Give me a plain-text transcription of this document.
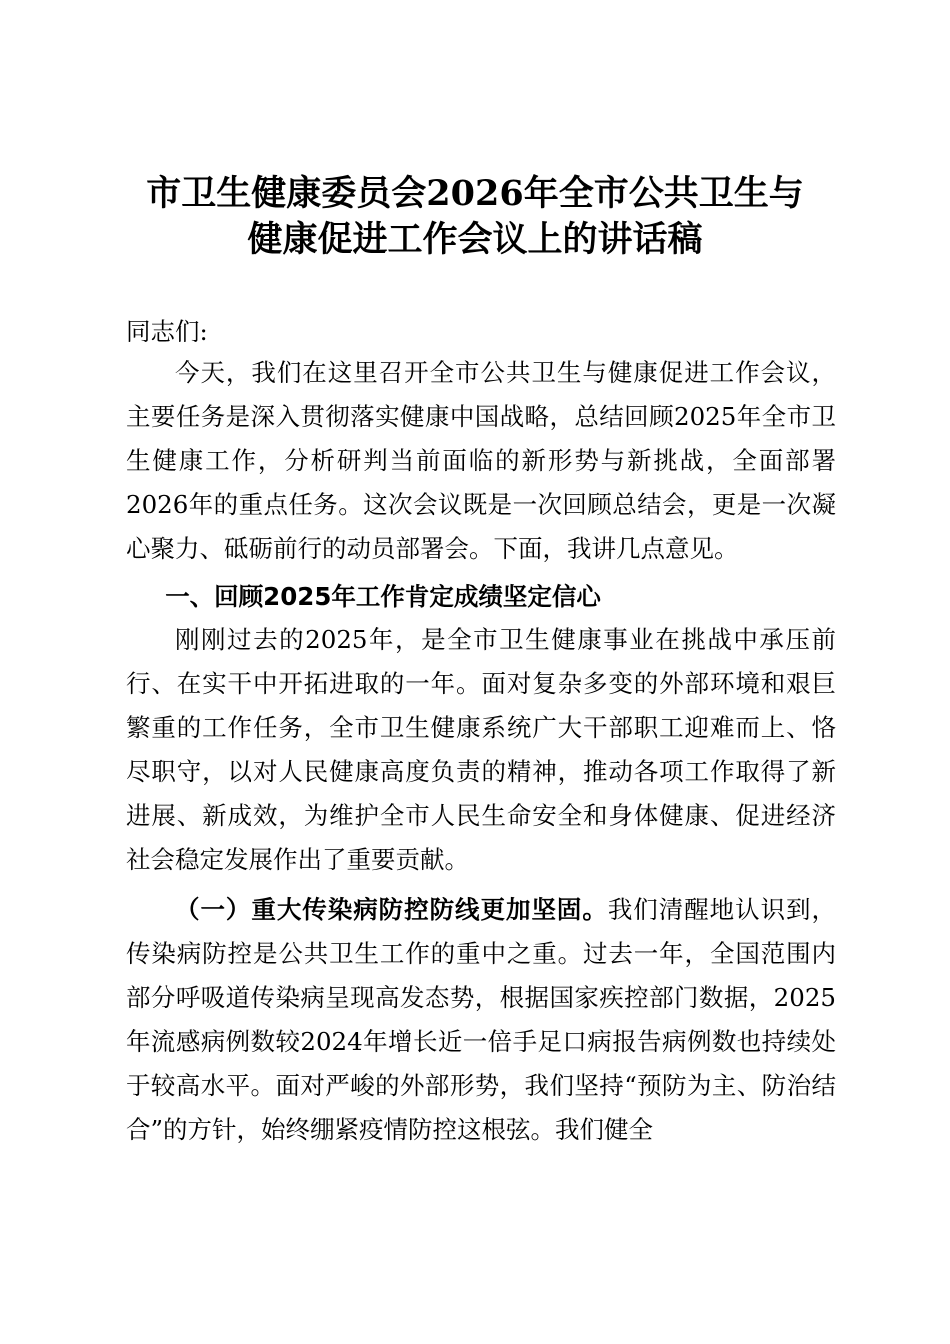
市卫生健康委员会2026年全市公共卫生与
健康促进工作会议上的讲话稿

同志们:

今天，我们在这里召开全市公共卫生与健康促进工作会议，主要任务是深入贯彻落实健康中国战略，总结回顾2025年全市卫生健康工作，分析研判当前面临的新形势与新挑战，全面部署2026年的重点任务。这次会议既是一次回顾总结会，更是一次凝心聚力、砥砺前行的动员部署会。下面，我讲几点意见。

一、回顾2025年工作肯定成绩坚定信心

刚刚过去的2025年，是全市卫生健康事业在挑战中承压前行、在实干中开拓进取的一年。面对复杂多变的外部环境和艰巨繁重的工作任务，全市卫生健康系统广大干部职工迎难而上、恪尽职守，以对人民健康高度负责的精神，推动各项工作取得了新进展、新成效，为维护全市人民生命安全和身体健康、促进经济社会稳定发展作出了重要贡献。

（一）重大传染病防控防线更加坚固。我们清醒地认识到，传染病防控是公共卫生工作的重中之重。过去一年，全国范围内部分呼吸道传染病呈现高发态势，根据国家疾控部门数据，2025年流感病例数较2024年增长近一倍手足口病报告病例数也持续处于较高水平。面对严峻的外部形势，我们坚持“预防为主、防治结合”的方针，始终绷紧疫情防控这根弦。我们健全
